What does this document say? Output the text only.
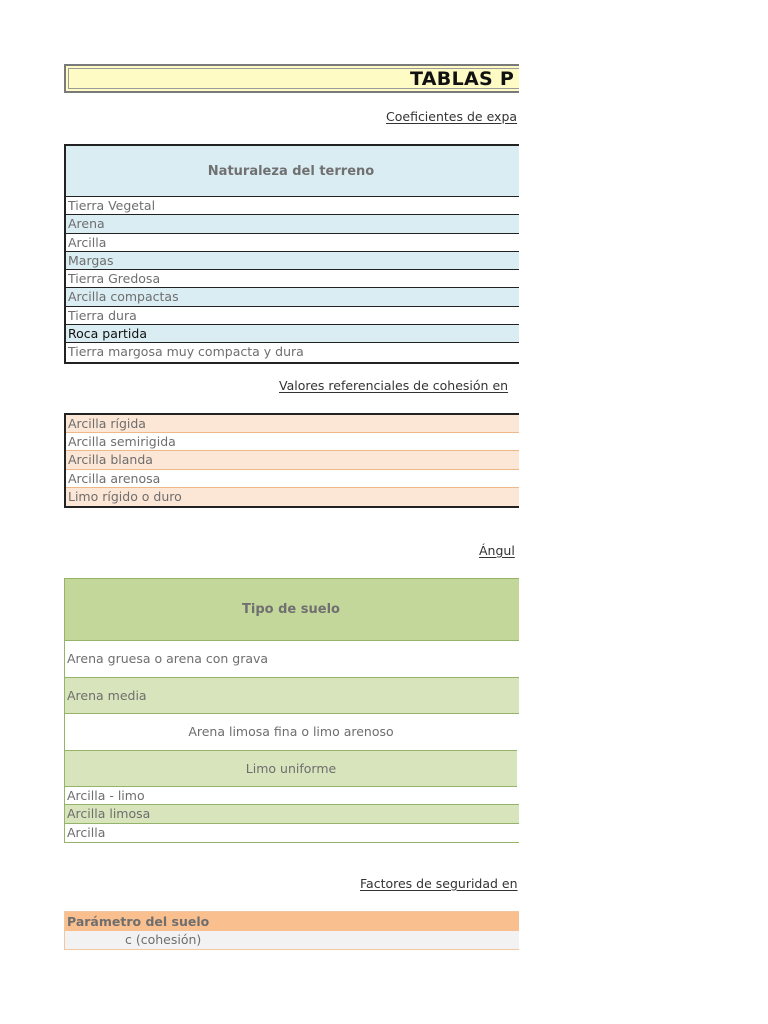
TABLAS P
Coeficientes de expa
Naturaleza del terreno
Tierra Vegetal
Arena
Arcilla
Margas
Tierra Gredosa
Arcilla compactas
Tierra dura
Roca partida
Tierra margosa muy compacta y dura
Valores referenciales de cohesión en
Arcilla rígida
Arcilla semirigida
Arcilla blanda
Arcilla arenosa
Limo rígido o duro
Ángul
Tipo de suelo
Arena gruesa o arena con grava
Arena media
Arena limosa fina o limo arenoso
Limo uniforme
Arcilla - limo
Arcilla limosa
Arcilla
Factores de seguridad en
Parámetro del suelo
c (cohesión)
